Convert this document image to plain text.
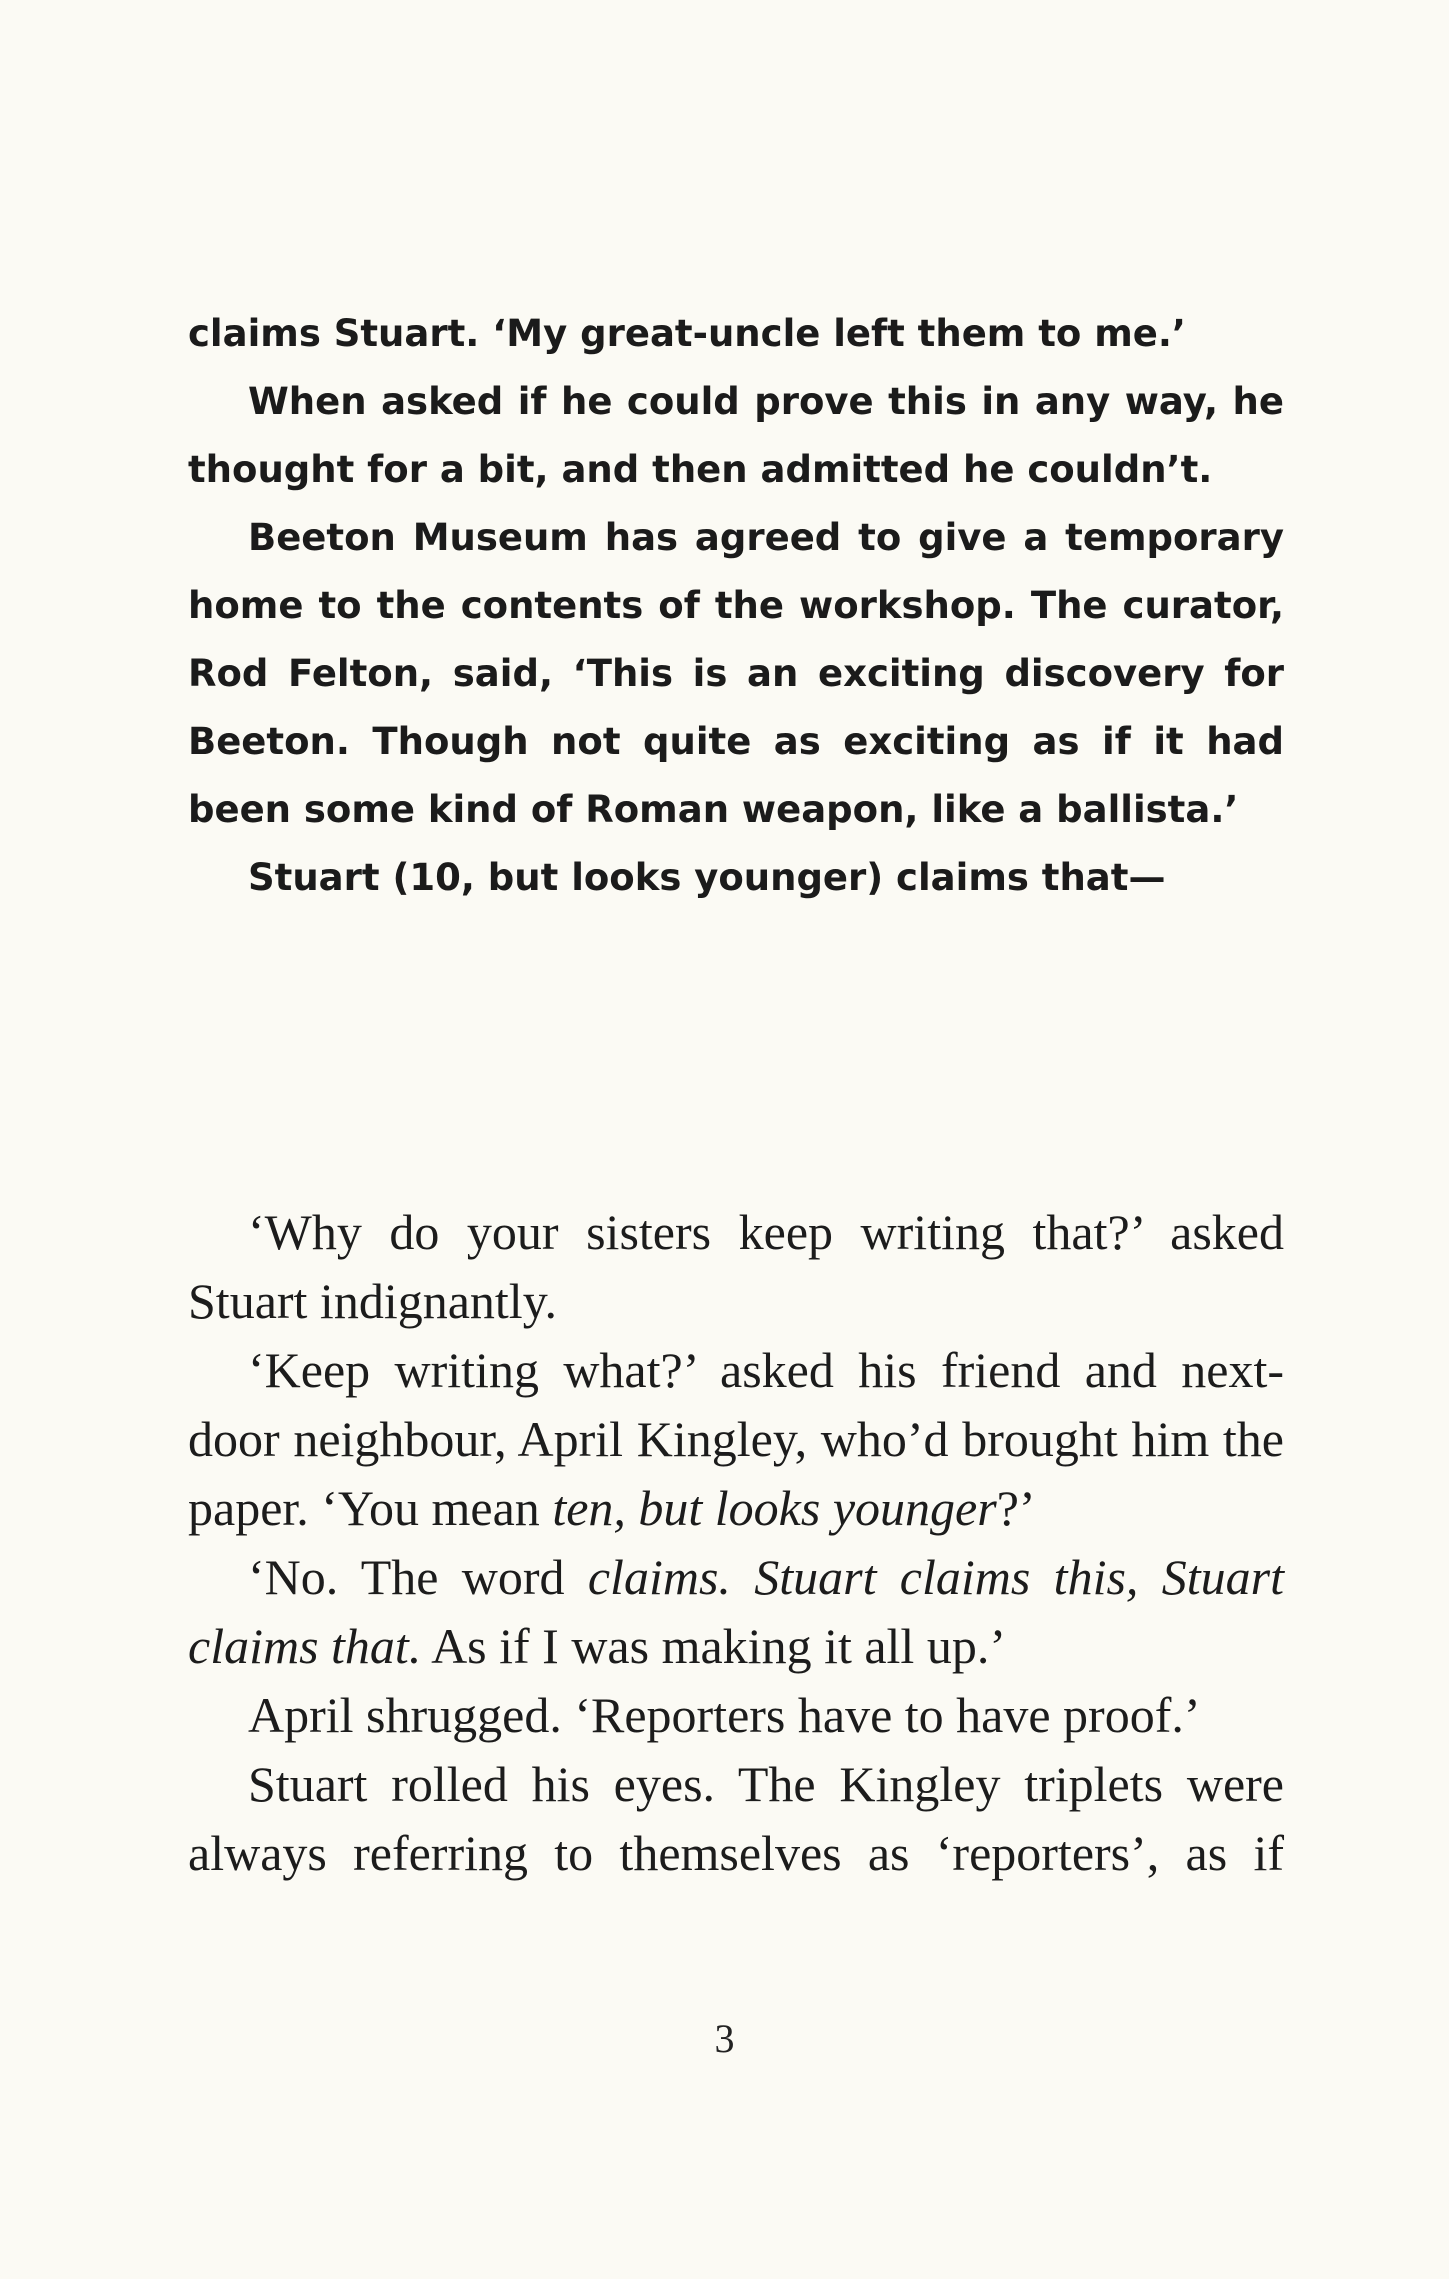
claims Stuart. ‘My great-uncle left them to me.’

When asked if he could prove this in any way, he thought for a bit, and then admitted he couldn’t.

Beeton Museum has agreed to give a temporary home to the contents of the workshop. The curator, Rod Felton, said, ‘This is an exciting discovery for Beeton. Though not quite as exciting as if it had been some kind of Roman weapon, like a ballista.’

Stuart (10, but looks younger) claims that—

‘Why do your sisters keep writing that?’ asked Stuart indignantly.

‘Keep writing what?’ asked his friend and next-door neighbour, April Kingley, who’d brought him the paper. ‘You mean ten, but looks younger?’

‘No. The word claims. Stuart claims this, Stuart claims that. As if I was making it all up.’

April shrugged. ‘Reporters have to have proof.’

Stuart rolled his eyes. The Kingley triplets were always referring to themselves as ‘reporters’, as if

3
